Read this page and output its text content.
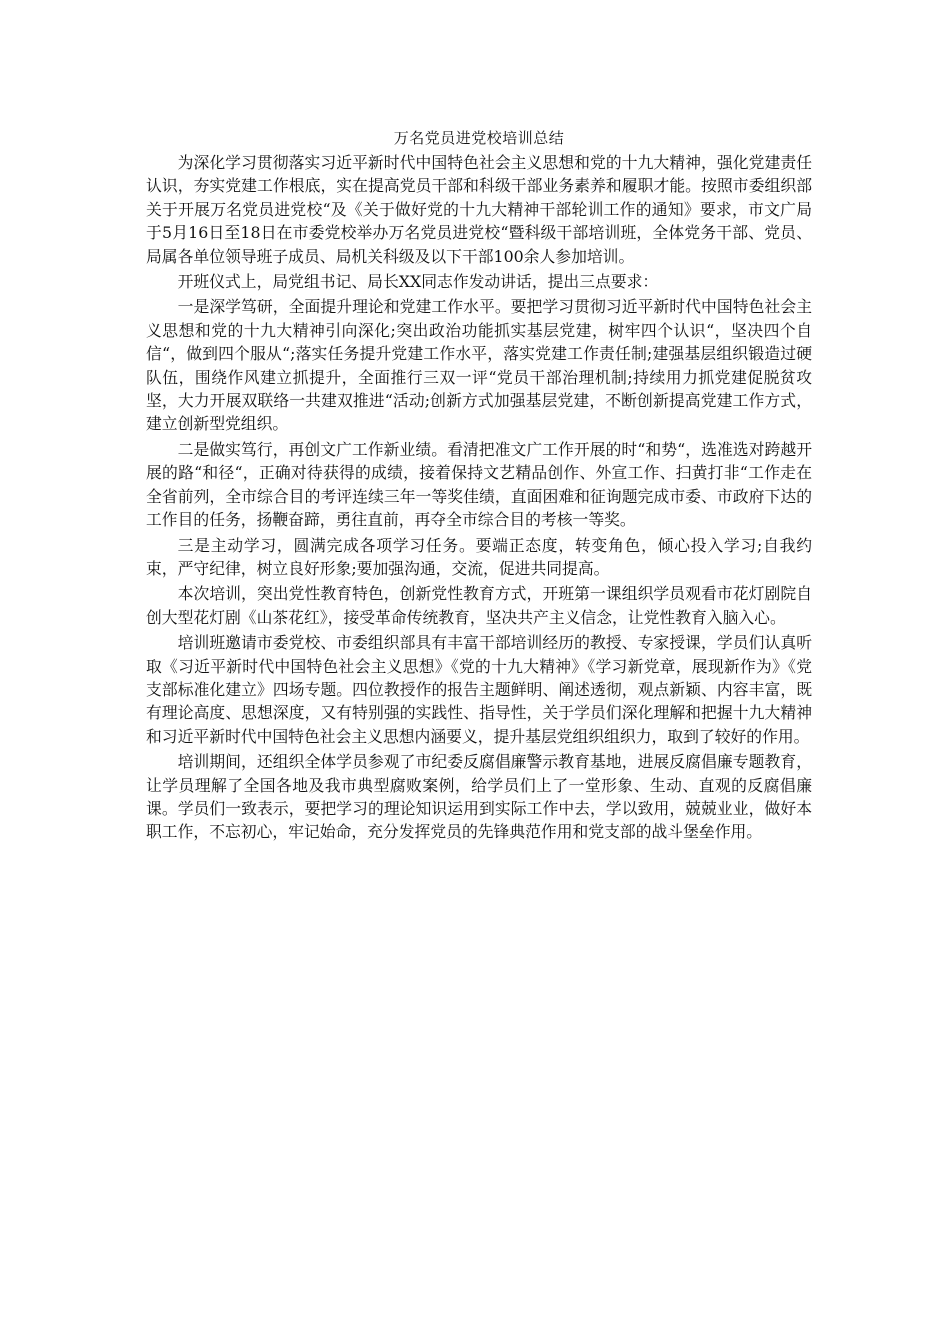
万名党员进党校培训总结

为深化学习贯彻落实习近平新时代中国特色社会主义思想和党的十九大精神，强化党建责任认识，夯实党建工作根底，实在提高党员干部和科级干部业务素养和履职才能。按照市委组织部关于开展万名党员进党校“及《关于做好党的十九大精神干部轮训工作的通知》要求，市文广局于5月16日至18日在市委党校举办万名党员进党校“暨科级干部培训班，全体党务干部、党员、局属各单位领导班子成员、局机关科级及以下干部100余人参加培训。

开班仪式上，局党组书记、局长XX同志作发动讲话，提出三点要求：

一是深学笃研，全面提升理论和党建工作水平。要把学习贯彻习近平新时代中国特色社会主义思想和党的十九大精神引向深化;突出政治功能抓实基层党建，树牢四个认识“，坚决四个自信“，做到四个服从“;落实任务提升党建工作水平，落实党建工作责任制;建强基层组织锻造过硬队伍，围绕作风建立抓提升，全面推行三双一评“党员干部治理机制;持续用力抓党建促脱贫攻坚，大力开展双联络一共建双推进“活动;创新方式加强基层党建，不断创新提高党建工作方式，建立创新型党组织。

二是做实笃行，再创文广工作新业绩。看清把准文广工作开展的时“和势“，选准选对跨越开展的路“和径“，正确对待获得的成绩，接着保持文艺精品创作、外宣工作、扫黄打非“工作走在全省前列，全市综合目的考评连续三年一等奖佳绩，直面困难和征询题完成市委、市政府下达的工作目的任务，扬鞭奋蹄，勇往直前，再夺全市综合目的考核一等奖。

三是主动学习，圆满完成各项学习任务。要端正态度，转变角色，倾心投入学习;自我约束，严守纪律，树立良好形象;要加强沟通，交流，促进共同提高。

本次培训，突出党性教育特色，创新党性教育方式，开班第一课组织学员观看市花灯剧院自创大型花灯剧《山茶花红》，接受革命传统教育，坚决共产主义信念，让党性教育入脑入心。

培训班邀请市委党校、市委组织部具有丰富干部培训经历的教授、专家授课，学员们认真听取《习近平新时代中国特色社会主义思想》《党的十九大精神》《学习新党章，展现新作为》《党支部标准化建立》四场专题。四位教授作的报告主题鲜明、阐述透彻，观点新颖、内容丰富，既有理论高度、思想深度，又有特别强的实践性、指导性，关于学员们深化理解和把握十九大精神和习近平新时代中国特色社会主义思想内涵要义，提升基层党组织组织力，取到了较好的作用。

培训期间，还组织全体学员参观了市纪委反腐倡廉警示教育基地，进展反腐倡廉专题教育，让学员理解了全国各地及我市典型腐败案例，给学员们上了一堂形象、生动、直观的反腐倡廉课。学员们一致表示，要把学习的理论知识运用到实际工作中去，学以致用，兢兢业业，做好本职工作，不忘初心，牢记始命，充分发挥党员的先锋典范作用和党支部的战斗堡垒作用。
